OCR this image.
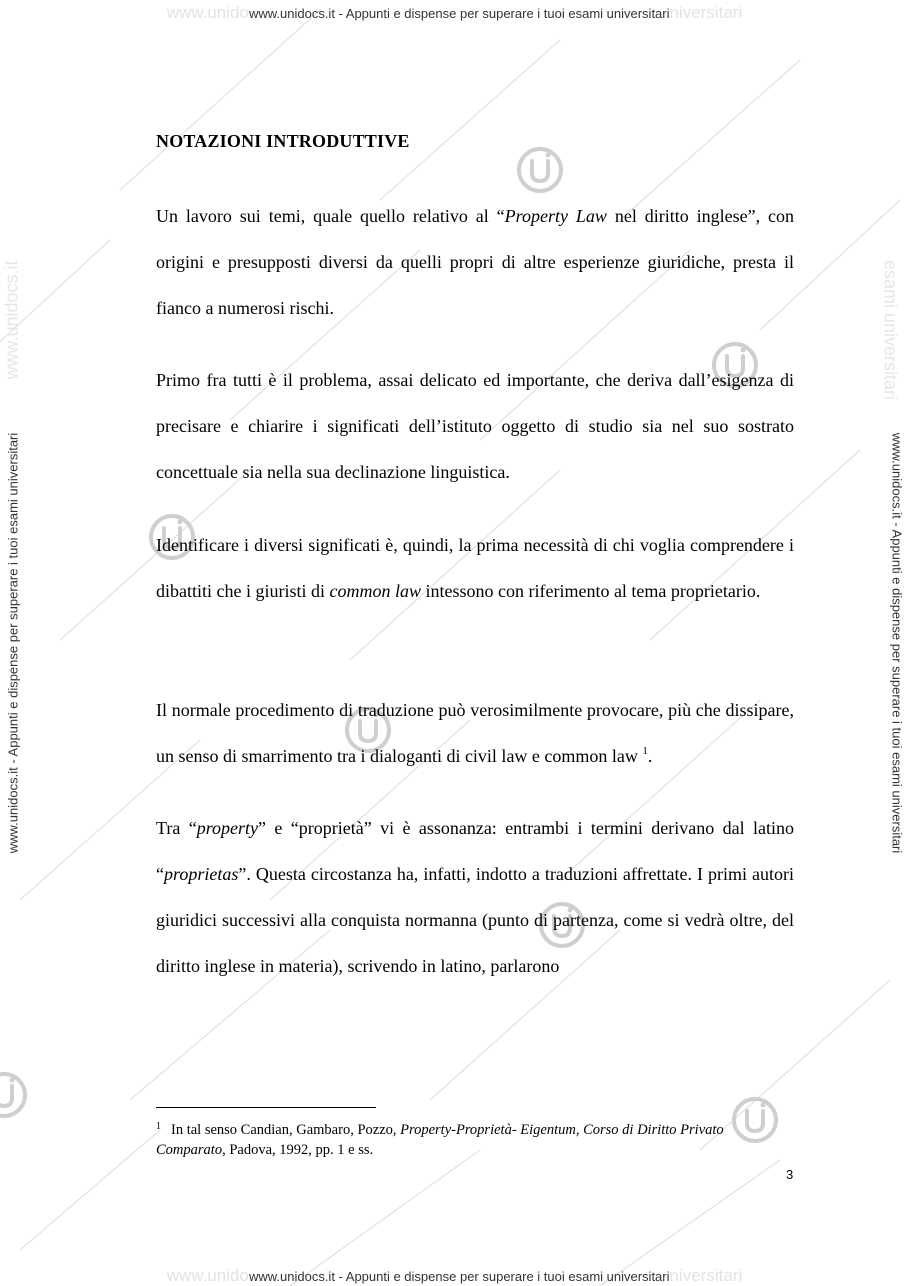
www.unidowww.unidocs.it - Appunti e dispense per superare i tuoi esami universitariniversitari
www.unidowww.unidocs.it - Appunti e dispense per superare i tuoi esami universitariniversitari
www.unidocs.it - Appunti e dispense per superare i tuoi esami universitari	www.unidocs.it - Appunti e dispense per superare i tuoi esami universitari
www.unidocs.it	esami universitari
NOTAZIONI INTRODUTTIVE

Un lavoro sui temi, quale quello relativo al “Property Law nel diritto inglese”, con origini e presupposti diversi da quelli propri di altre esperienze giuridiche, presta il fianco a numerosi rischi.

Primo fra tutti è il problema, assai delicato ed importante, che deriva dall’esigenza di precisare e chiarire i significati dell’istituto oggetto di studio sia nel suo sostrato concettuale sia nella sua declinazione linguistica.

Identificare i diversi significati è, quindi, la prima necessità di chi voglia comprendere i dibattiti che i giuristi di common law intessono con riferimento al tema proprietario.

Il normale procedimento di traduzione può verosimilmente provocare, più che dissipare, un senso di smarrimento tra i dialoganti di civil law e common law $^1$.

Tra “property” e “proprietà” vi è assonanza: entrambi i termini derivano dal latino “proprietas”. Questa circostanza ha, infatti, indotto a traduzioni affrettate. I primi autori giuridici successivi alla conquista normanna (punto di partenza, come si vedrà oltre, del diritto inglese in materia), scrivendo in latino, parlarono

$^1$ In tal senso Candian, Gambaro, Pozzo, Property-Proprietà- Eigentum, Corso di Diritto Privato Comparato, Padova, 1992, pp. 1 e ss.

3
